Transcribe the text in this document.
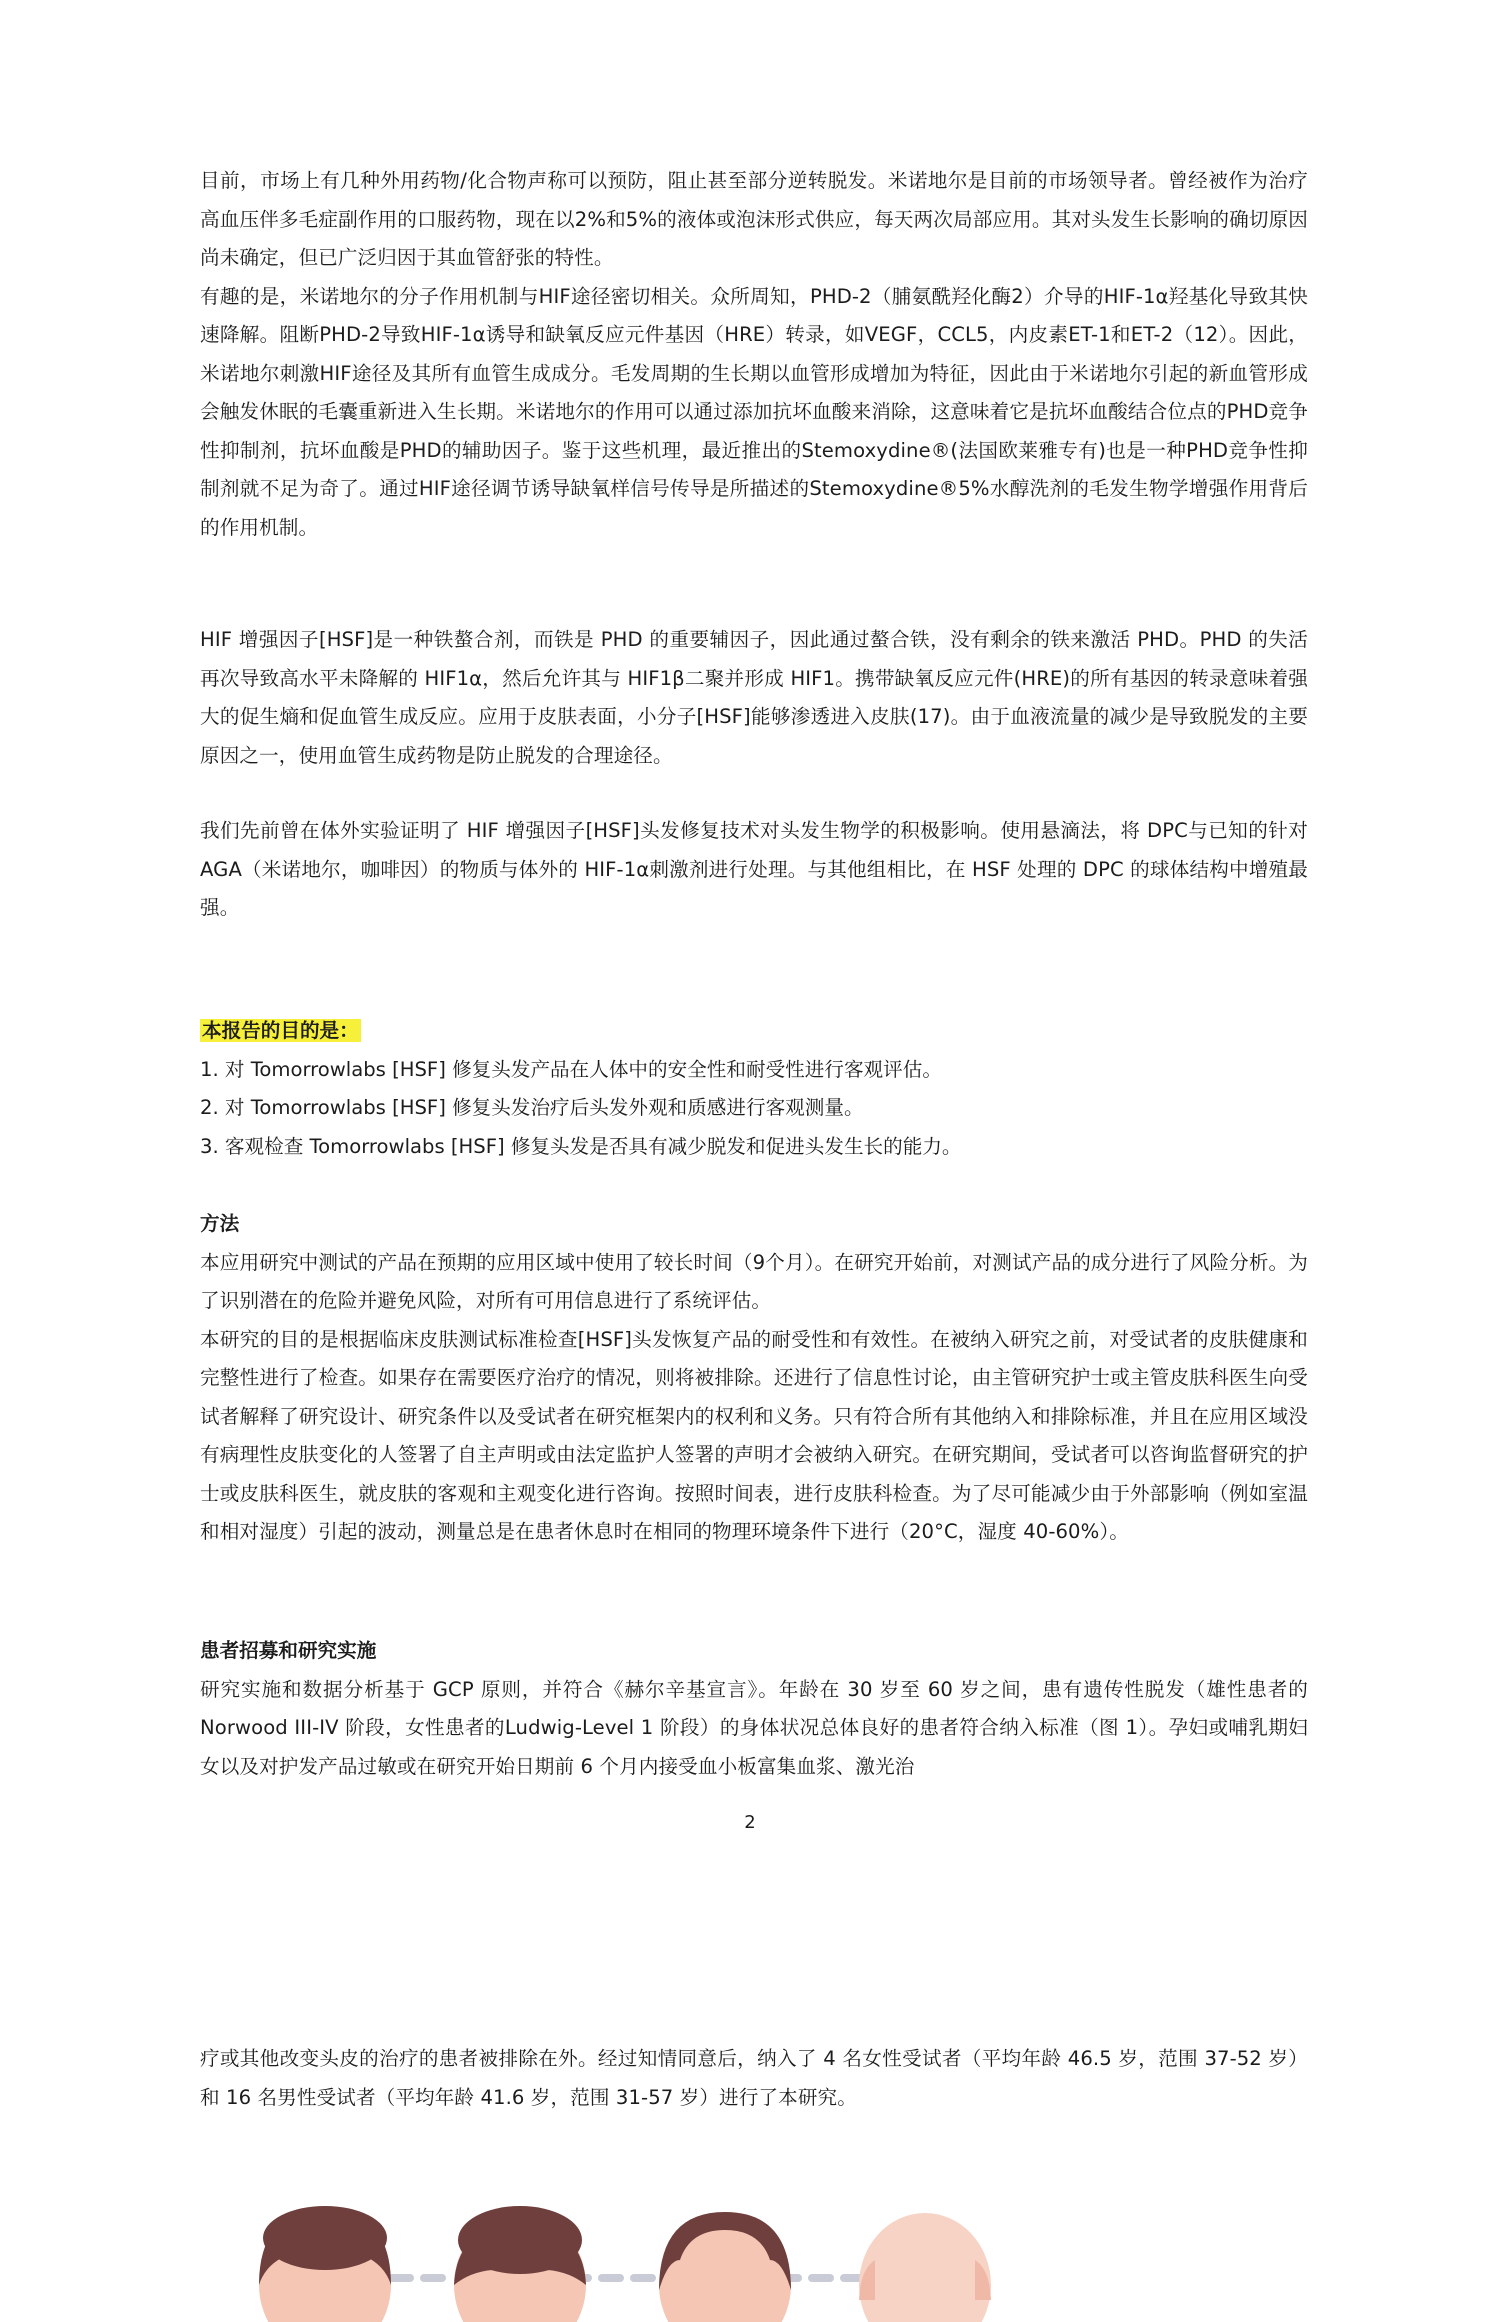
目前，市场上有几种外用药物/化合物声称可以预防，阻止甚至部分逆转脱发。米诺地尔是目前的市场领导者。曾经被作为治疗高血压伴多毛症副作用的口服药物，现在以2%和5%的液体或泡沫形式供应，每天两次局部应用。其对头发生长影响的确切原因尚未确定，但已广泛归因于其血管舒张的特性。

有趣的是，米诺地尔的分子作用机制与HIF途径密切相关。众所周知，PHD-2（脯氨酰羟化酶2）介导的HIF-1α羟基化导致其快速降解。阻断PHD-2导致HIF-1α诱导和缺氧反应元件基因（HRE）转录，如VEGF，CCL5，内皮素ET-1和ET-2（12）。因此，米诺地尔刺激HIF途径及其所有血管生成成分。毛发周期的生长期以血管形成增加为特征，因此由于米诺地尔引起的新血管形成会触发休眠的毛囊重新进入生长期。米诺地尔的作用可以通过添加抗坏血酸来消除，这意味着它是抗坏血酸结合位点的PHD竞争性抑制剂，抗坏血酸是PHD的辅助因子。鉴于这些机理，最近推出的Stemoxydine®(法国欧莱雅专有)也是一种PHD竞争性抑制剂就不足为奇了。通过HIF途径调节诱导缺氧样信号传导是所描述的Stemoxydine®5%水醇洗剂的毛发生物学增强作用背后的作用机制。

HIF 增强因子[HSF]是一种铁螯合剂，而铁是 PHD 的重要辅因子，因此通过螯合铁，没有剩余的铁来激活 PHD。PHD 的失活再次导致高水平未降解的 HIF1α，然后允许其与 HIF1β二聚并形成 HIF1。携带缺氧反应元件(HRE)的所有基因的转录意味着强大的促生熵和促血管生成反应。应用于皮肤表面，小分子[HSF]能够渗透进入皮肤(17)。由于血液流量的减少是导致脱发的主要原因之一，使用血管生成药物是防止脱发的合理途径。

我们先前曾在体外实验证明了 HIF 增强因子[HSF]头发修复技术对头发生物学的积极影响。使用悬滴法，将 DPC与已知的针对 AGA（米诺地尔，咖啡因）的物质与体外的 HIF-1α刺激剂进行处理。与其他组相比，在 HSF 处理的 DPC 的球体结构中增殖最强。

本报告的目的是：

1. 对 Tomorrowlabs [HSF] 修复头发产品在人体中的安全性和耐受性进行客观评估。

2. 对 Tomorrowlabs [HSF] 修复头发治疗后头发外观和质感进行客观测量。

3. 客观检查 Tomorrowlabs [HSF] 修复头发是否具有减少脱发和促进头发生长的能力。

方法

本应用研究中测试的产品在预期的应用区域中使用了较长时间（9个月）。在研究开始前，对测试产品的成分进行了风险分析。为了识别潜在的危险并避免风险，对所有可用信息进行了系统评估。

本研究的目的是根据临床皮肤测试标准检查[HSF]头发恢复产品的耐受性和有效性。在被纳入研究之前，对受试者的皮肤健康和完整性进行了检查。如果存在需要医疗治疗的情况，则将被排除。还进行了信息性讨论，由主管研究护士或主管皮肤科医生向受试者解释了研究设计、研究条件以及受试者在研究框架内的权利和义务。只有符合所有其他纳入和排除标准，并且在应用区域没有病理性皮肤变化的人签署了自主声明或由法定监护人签署的声明才会被纳入研究。在研究期间，受试者可以咨询监督研究的护士或皮肤科医生，就皮肤的客观和主观变化进行咨询。按照时间表，进行皮肤科检查。为了尽可能减少由于外部影响（例如室温和相对湿度）引起的波动，测量总是在患者休息时在相同的物理环境条件下进行（20°C，湿度 40-60%）。

患者招募和研究实施

研究实施和数据分析基于 GCP 原则，并符合《赫尔辛基宣言》。年龄在 30 岁至 60 岁之间，患有遗传性脱发（雄性患者的 Norwood III-IV 阶段，女性患者的Ludwig-Level 1 阶段）的身体状况总体良好的患者符合纳入标准（图 1）。孕妇或哺乳期妇女以及对护发产品过敏或在研究开始日期前 6 个月内接受血小板富集血浆、激光治

2

疗或其他改变头皮的治疗的患者被排除在外。经过知情同意后，纳入了 4 名女性受试者（平均年龄 46.5 岁，范围 37-52 岁）和 16 名男性受试者（平均年龄 41.6 岁，范围 31-57 岁）进行了本研究。
